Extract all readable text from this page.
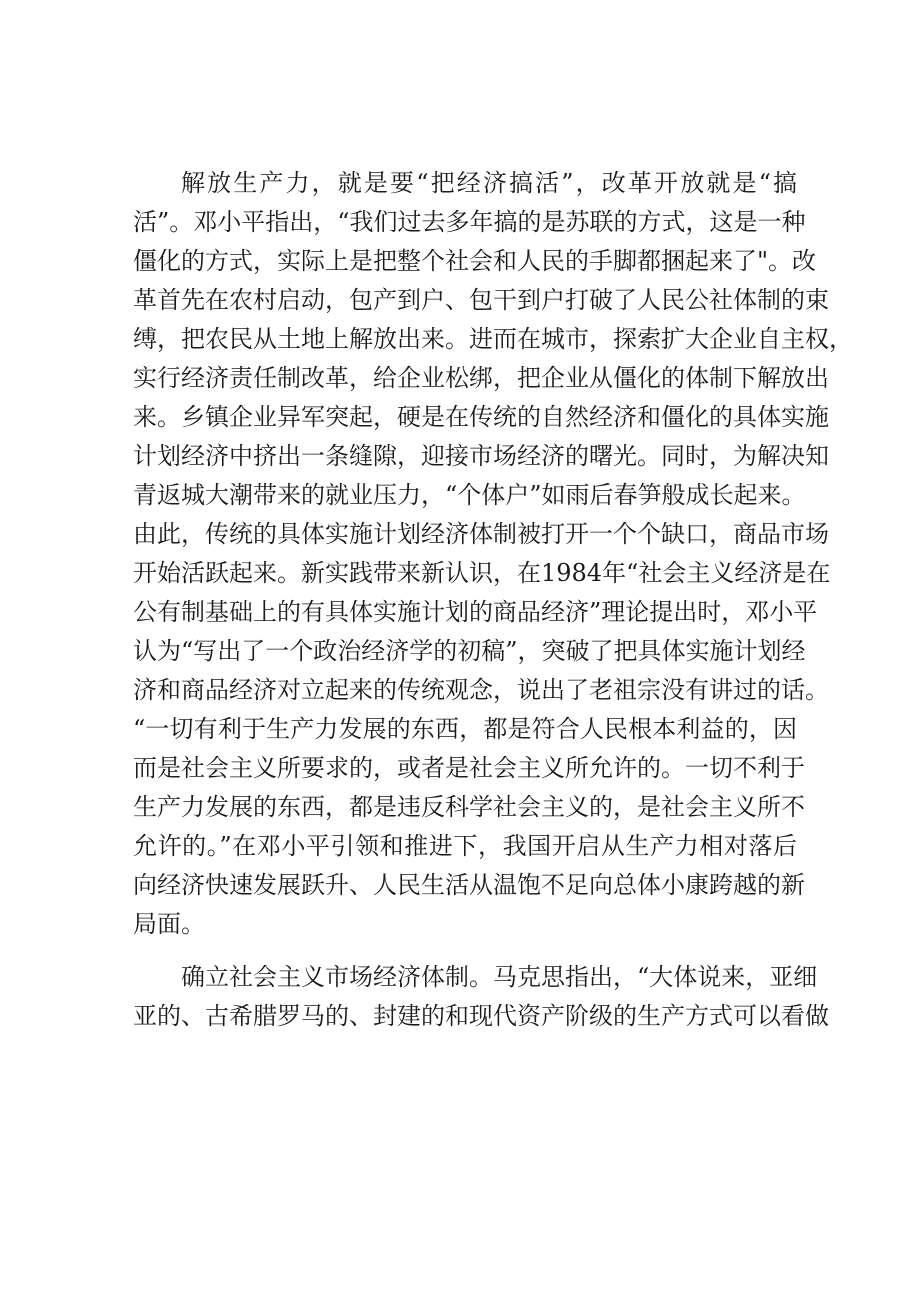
解放生产力，就是要“把经济搞活”，改革开放就是“搞
活”。邓小平指出，“我们过去多年搞的是苏联的方式，这是一种
僵化的方式，实际上是把整个社会和人民的手脚都捆起来了"。改
革首先在农村启动，包产到户、包干到户打破了人民公社体制的束
缚，把农民从土地上解放出来。进而在城市，探索扩大企业自主权，
实行经济责任制改革，给企业松绑，把企业从僵化的体制下解放出
来。乡镇企业异军突起，硬是在传统的自然经济和僵化的具体实施
计划经济中挤出一条缝隙，迎接市场经济的曙光。同时，为解决知
青返城大潮带来的就业压力，“个体户”如雨后春笋般成长起来。
由此，传统的具体实施计划经济体制被打开一个个缺口，商品市场
开始活跃起来。新实践带来新认识，在1984年“社会主义经济是在
公有制基础上的有具体实施计划的商品经济”理论提出时，邓小平
认为“写出了一个政治经济学的初稿”，突破了把具体实施计划经
济和商品经济对立起来的传统观念，说出了老祖宗没有讲过的话。
“一切有利于生产力发展的东西，都是符合人民根本利益的，因
而是社会主义所要求的，或者是社会主义所允许的。一切不利于
生产力发展的东西，都是违反科学社会主义的，是社会主义所不
允许的。”在邓小平引领和推进下，我国开启从生产力相对落后
向经济快速发展跃升、人民生活从温饱不足向总体小康跨越的新
局面。

确立社会主义市场经济体制。马克思指出，“大体说来，亚细
亚的、古希腊罗马的、封建的和现代资产阶级的生产方式可以看做
